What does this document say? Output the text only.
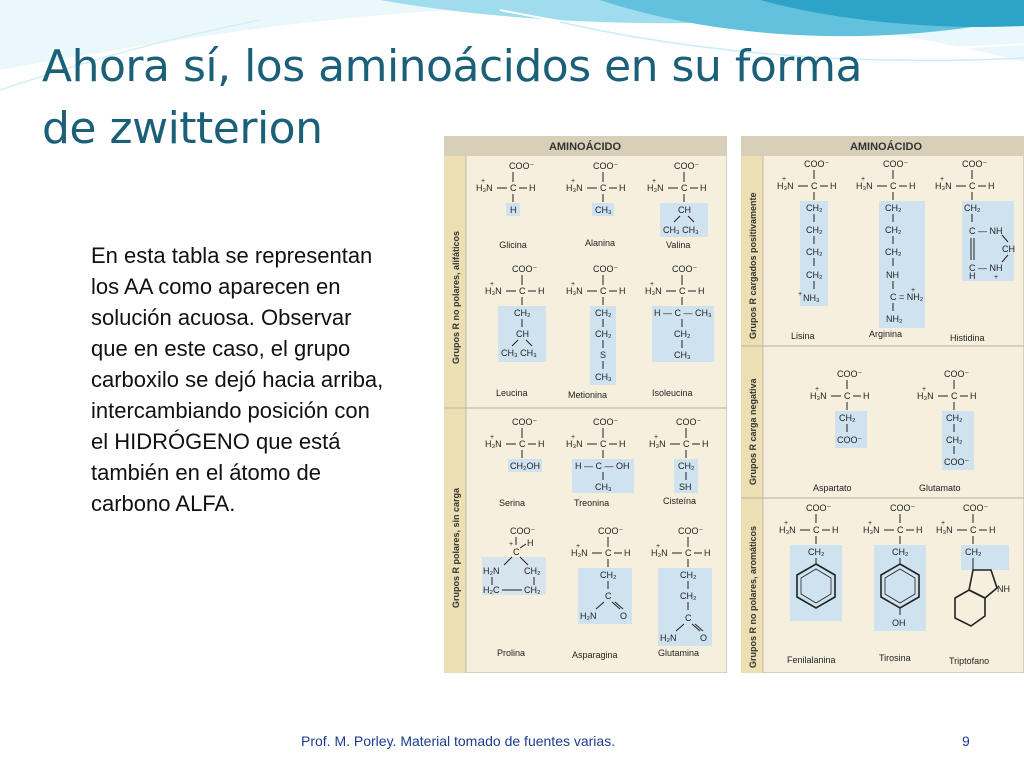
Ahora sí, los aminoácidos en su forma
de zwitterion
En esta tabla se representan los AA como aparecen en solución acuosa. Observar que en este caso, el grupo carboxilo se dejó hacia arriba, intercambiando posición con el HIDRÓGENO que está también en el átomo de carbono ALFA.
AMINOÁCIDO
Grupos R no polares, alifáticos
Grupos R polares, sin carga
COO⁻
+
H₃N C H
H
Glicina
COO⁻
+
H₃N C H
CH₃
Alanina
COO⁻
+
H₃N C H
CH
CH₃ CH₃
Valina
COO⁻
+
H₃N C H
CH₂
CH
CH₃ CH₃
Leucina
COO⁻
+
H₃N C H
CH₂
CH₂
S
CH₃
Metionina
COO⁻
+
H₃N C H
H — C — CH₃
CH₂
CH₃
Isoleucina
COO⁻
+
H₃N C H
CH₂OH
Serina
COO⁻
+
H₃N C H
H — C — OH
CH₃
Treonina
COO⁻
+
H₃N C H
CH₂
SH
Cisteína
COO⁻
+
C
H
H₂N	CH₂
H₂C	CH₂
Prolina
COO⁻
+
H₃N C H
CH₂
C
H₂N	O
Asparagina
COO⁻
+
H₃N C H
CH₂
CH₂
C
H₂N	O
Glutamina
AMINOÁCIDO
Grupos R cargados positivamente
Grupos R carga negativa
Grupos R no polares, aromáticos
COO⁻
+
H₃N C H
CH₂
CH₂
CH₂
CH₂
+ NH₃
Lisina
COO⁻
+
H₃N C H
CH₂
CH₂
CH₂
NH
+
C = NH₂
NH₂
Arginina
COO⁻
+
H₃N C H
CH₂
C — NH
CH
C — NH
H	+
Histidina
COO⁻
+
H₃N C H
CH₂
COO⁻
Aspartato
COO⁻
+
H₃N C H
CH₂
CH₂
COO⁻
Glutamato
COO⁻
+
H₃N C H
CH₂
Fenilalanina
COO⁻
+
H₃N C H
CH₂
OH
Tirosina
COO⁻
+
H₃N C H
CH₂
NH
Triptofano
Prof. M. Porley. Material tomado de fuentes varias.	9
